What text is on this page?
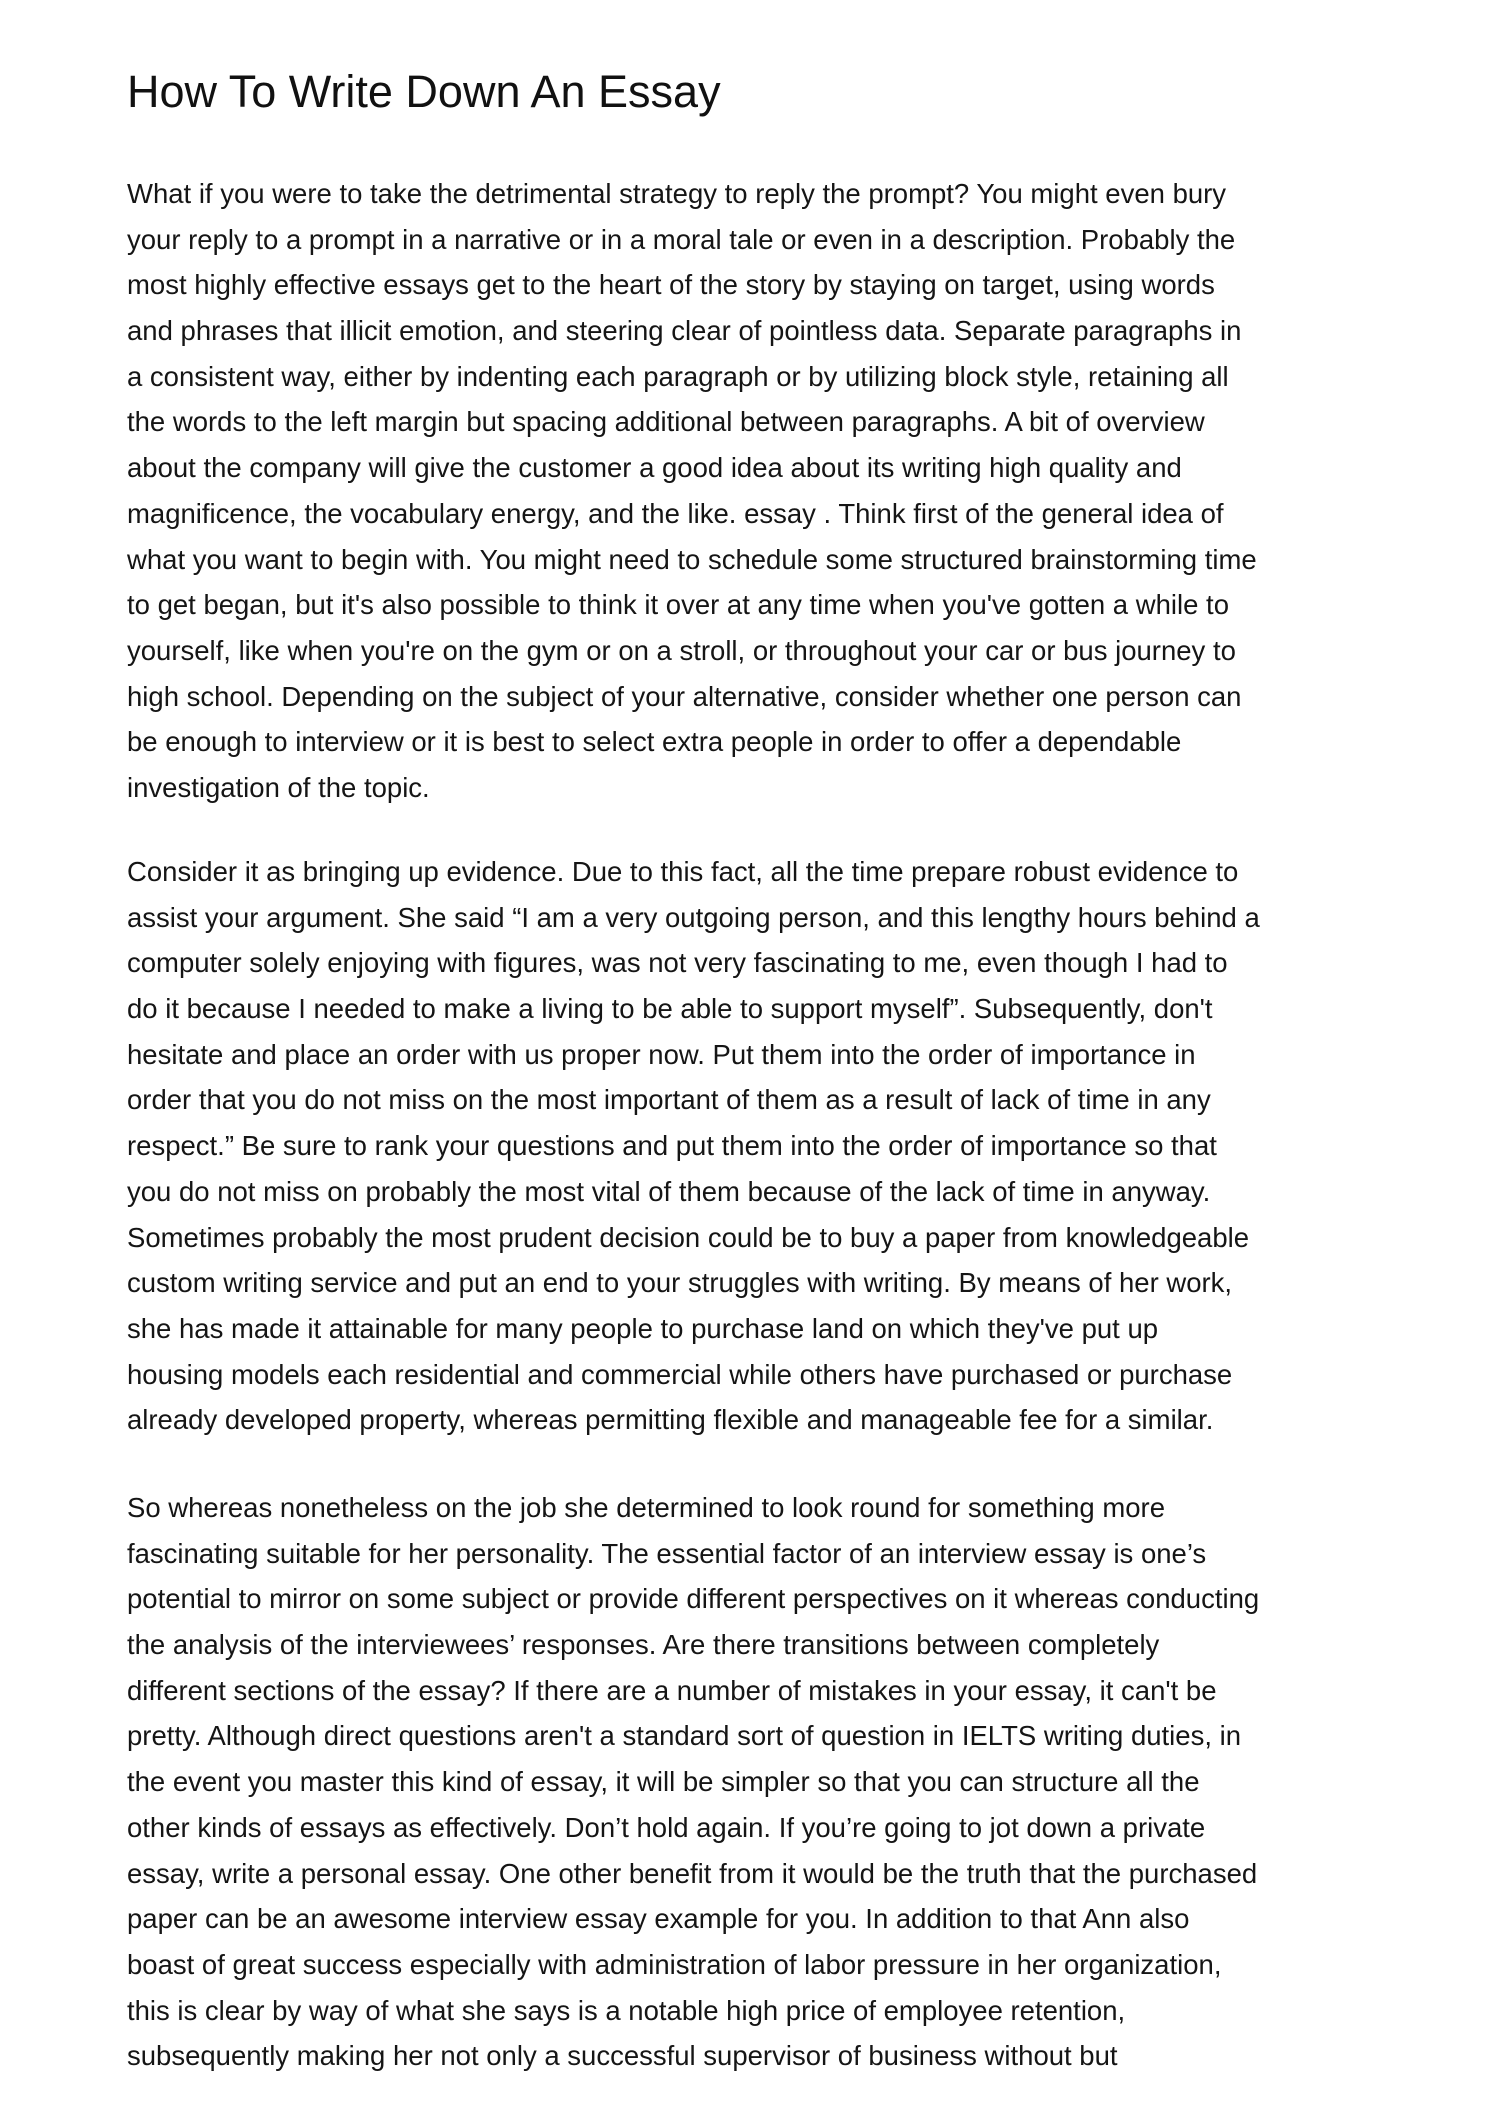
How To Write Down An Essay
What if you were to take the detrimental strategy to reply the prompt? You might even bury
your reply to a prompt in a narrative or in a moral tale or even in a description. Probably the
most highly effective essays get to the heart of the story by staying on target, using words
and phrases that illicit emotion, and steering clear of pointless data. Separate paragraphs in
a consistent way, either by indenting each paragraph or by utilizing block style, retaining all
the words to the left margin but spacing additional between paragraphs. A bit of overview
about the company will give the customer a good idea about its writing high quality and
magnificence, the vocabulary energy, and the like. essay . Think first of the general idea of
what you want to begin with. You might need to schedule some structured brainstorming time
to get began, but it's also possible to think it over at any time when you've gotten a while to
yourself, like when you're on the gym or on a stroll, or throughout your car or bus journey to
high school. Depending on the subject of your alternative, consider whether one person can
be enough to interview or it is best to select extra people in order to offer a dependable
investigation of the topic.
Consider it as bringing up evidence. Due to this fact, all the time prepare robust evidence to
assist your argument. She said “I am a very outgoing person, and this lengthy hours behind a
computer solely enjoying with figures, was not very fascinating to me, even though I had to
do it because I needed to make a living to be able to support myself”. Subsequently, don't
hesitate and place an order with us proper now. Put them into the order of importance in
order that you do not miss on the most important of them as a result of lack of time in any
respect.” Be sure to rank your questions and put them into the order of importance so that
you do not miss on probably the most vital of them because of the lack of time in anyway.
Sometimes probably the most prudent decision could be to buy a paper from knowledgeable
custom writing service and put an end to your struggles with writing. By means of her work,
she has made it attainable for many people to purchase land on which they've put up
housing models each residential and commercial while others have purchased or purchase
already developed property, whereas permitting flexible and manageable fee for a similar.
So whereas nonetheless on the job she determined to look round for something more
fascinating suitable for her personality. The essential factor of an interview essay is one’s
potential to mirror on some subject or provide different perspectives on it whereas conducting
the analysis of the interviewees’ responses. Are there transitions between completely
different sections of the essay? If there are a number of mistakes in your essay, it can't be
pretty. Although direct questions aren't a standard sort of question in IELTS writing duties, in
the event you master this kind of essay, it will be simpler so that you can structure all the
other kinds of essays as effectively. Don’t hold again. If you’re going to jot down a private
essay, write a personal essay. One other benefit from it would be the truth that the purchased
paper can be an awesome interview essay example for you. In addition to that Ann also
boast of great success especially with administration of labor pressure in her organization,
this is clear by way of what she says is a notable high price of employee retention,
subsequently making her not only a successful supervisor of business without but
